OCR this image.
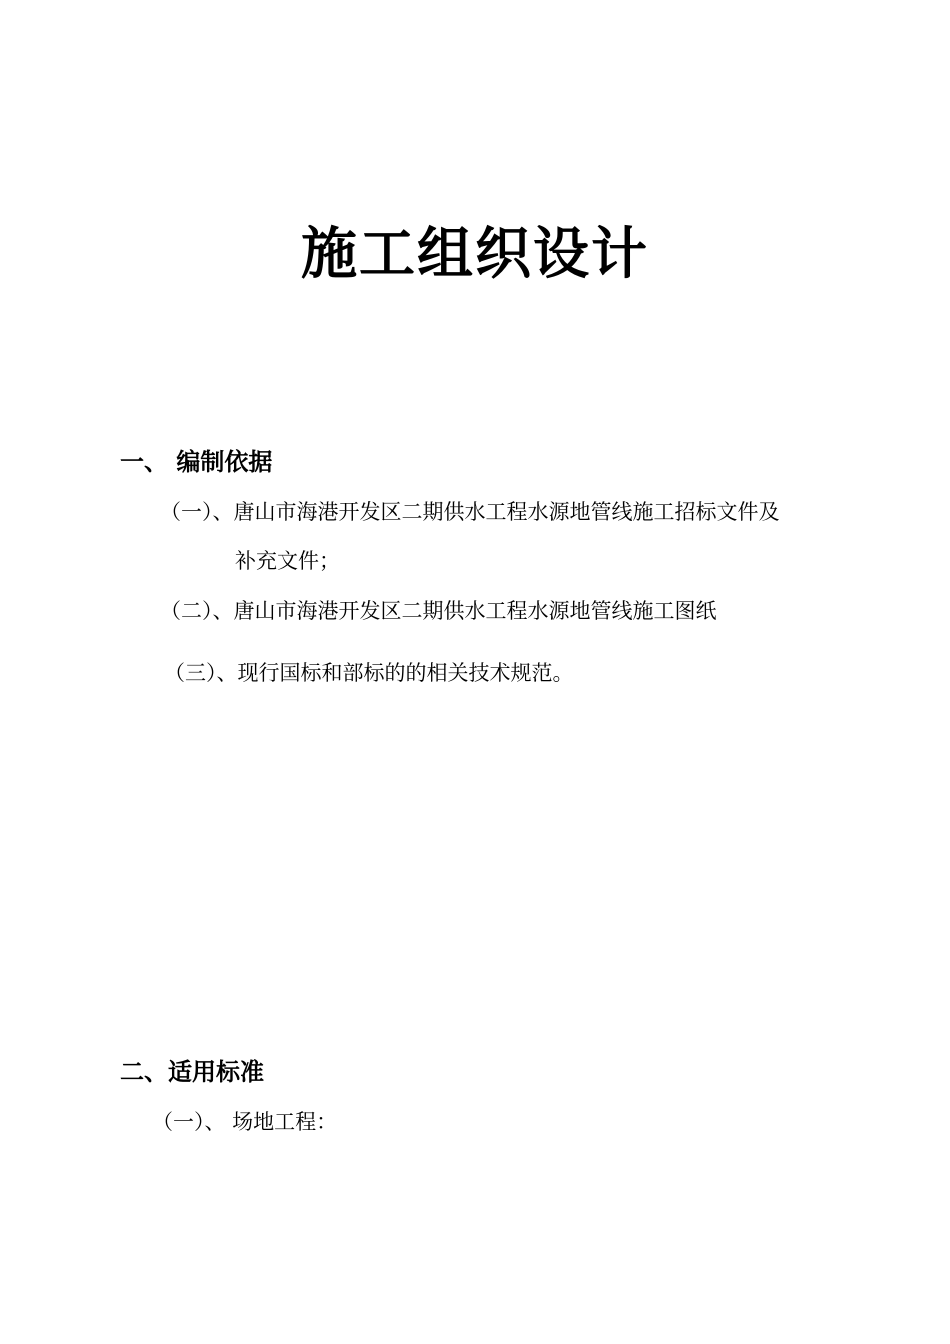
施工组织设计
一、 编制依据
（一）、唐山市海港开发区二期供水工程水源地管线施工招标文件及
补充文件；
（二）、唐山市海港开发区二期供水工程水源地管线施工图纸
（三）、现行国标和部标的的相关技术规范。
二、适用标准
（一）、 场地工程：
